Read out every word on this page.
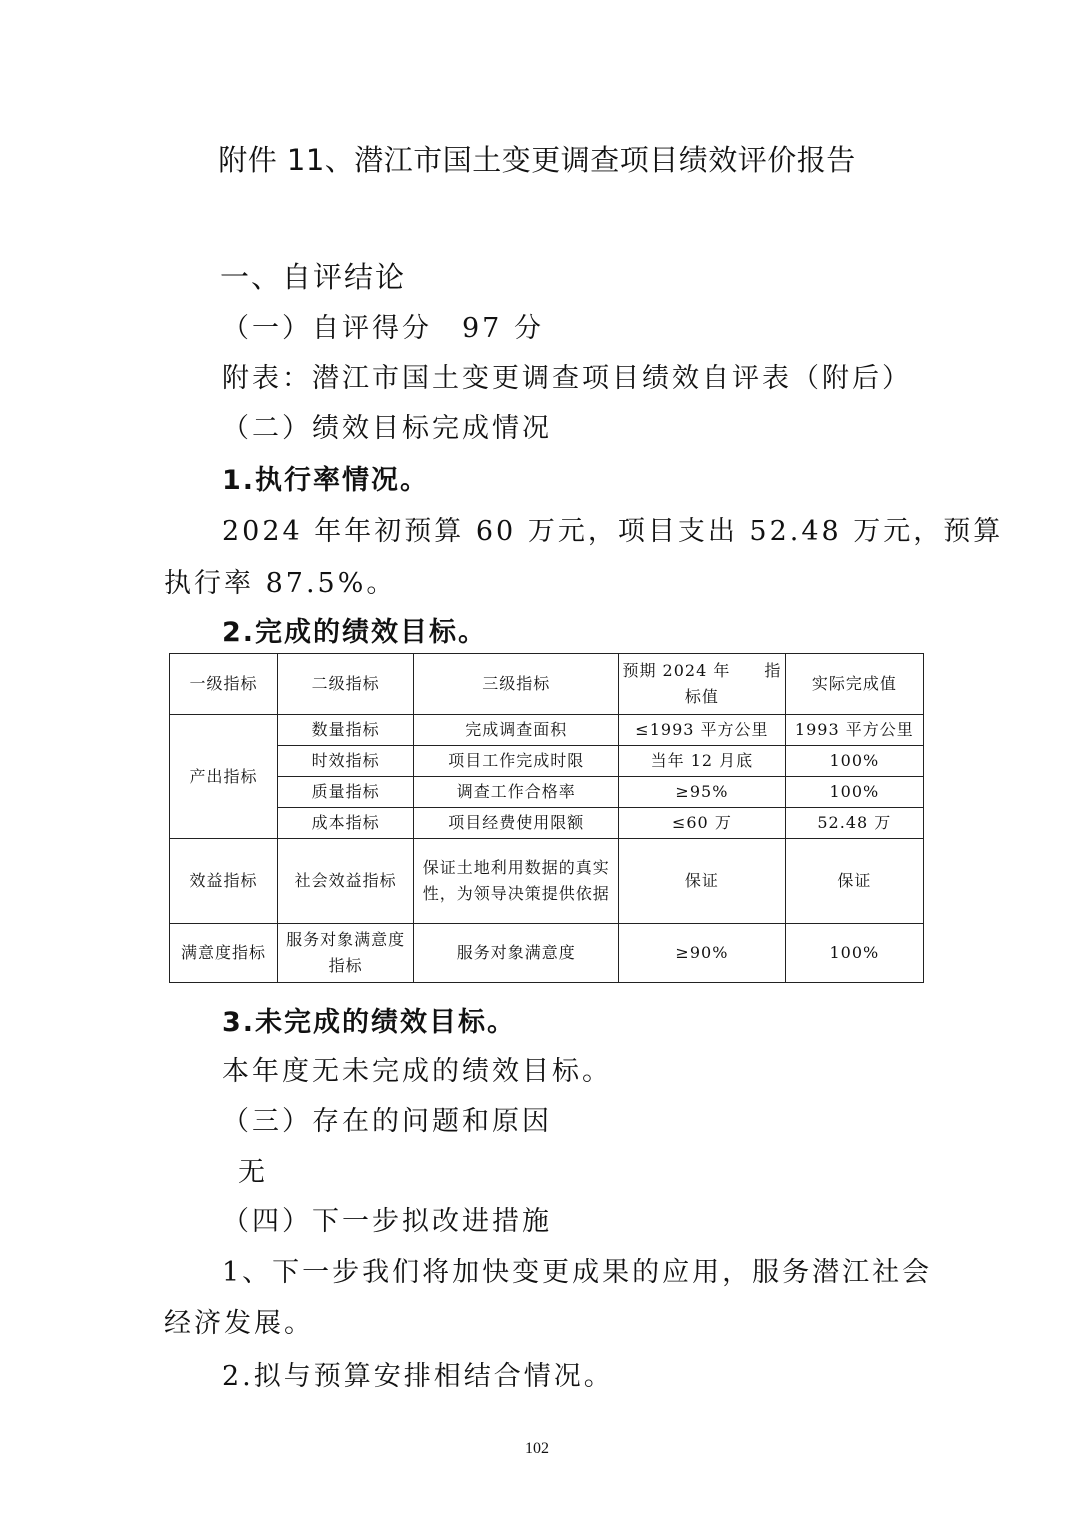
附件 11、潜江市国土变更调查项目绩效评价报告
一、自评结论
（一）自评得分　97 分
附表：潜江市国土变更调查项目绩效自评表（附后）
（二）绩效目标完成情况
1.执行率情况。
2024 年年初预算 60 万元，项目支出 52.48 万元，预算
执行率 87.5%。
2.完成的绩效目标。
一级指标	二级指标	三级指标	预期 2024 年　　指标值	实际完成值
产出指标	数量指标	完成调查面积	≤1993 平方公里	1993 平方公里
	时效指标	项目工作完成时限	当年 12 月底	100%
	质量指标	调查工作合格率	≥95%	100%
	成本指标	项目经费使用限额	≤60 万	52.48 万
效益指标	社会效益指标	保证土地利用数据的真实性，为领导决策提供依据	保证	保证
满意度指标	服务对象满意度指标	服务对象满意度	≥90%	100%
3.未完成的绩效目标。
本年度无未完成的绩效目标。
（三）存在的问题和原因
无
（四）下一步拟改进措施
1、下一步我们将加快变更成果的应用，服务潜江社会
经济发展。
2.拟与预算安排相结合情况。
102
